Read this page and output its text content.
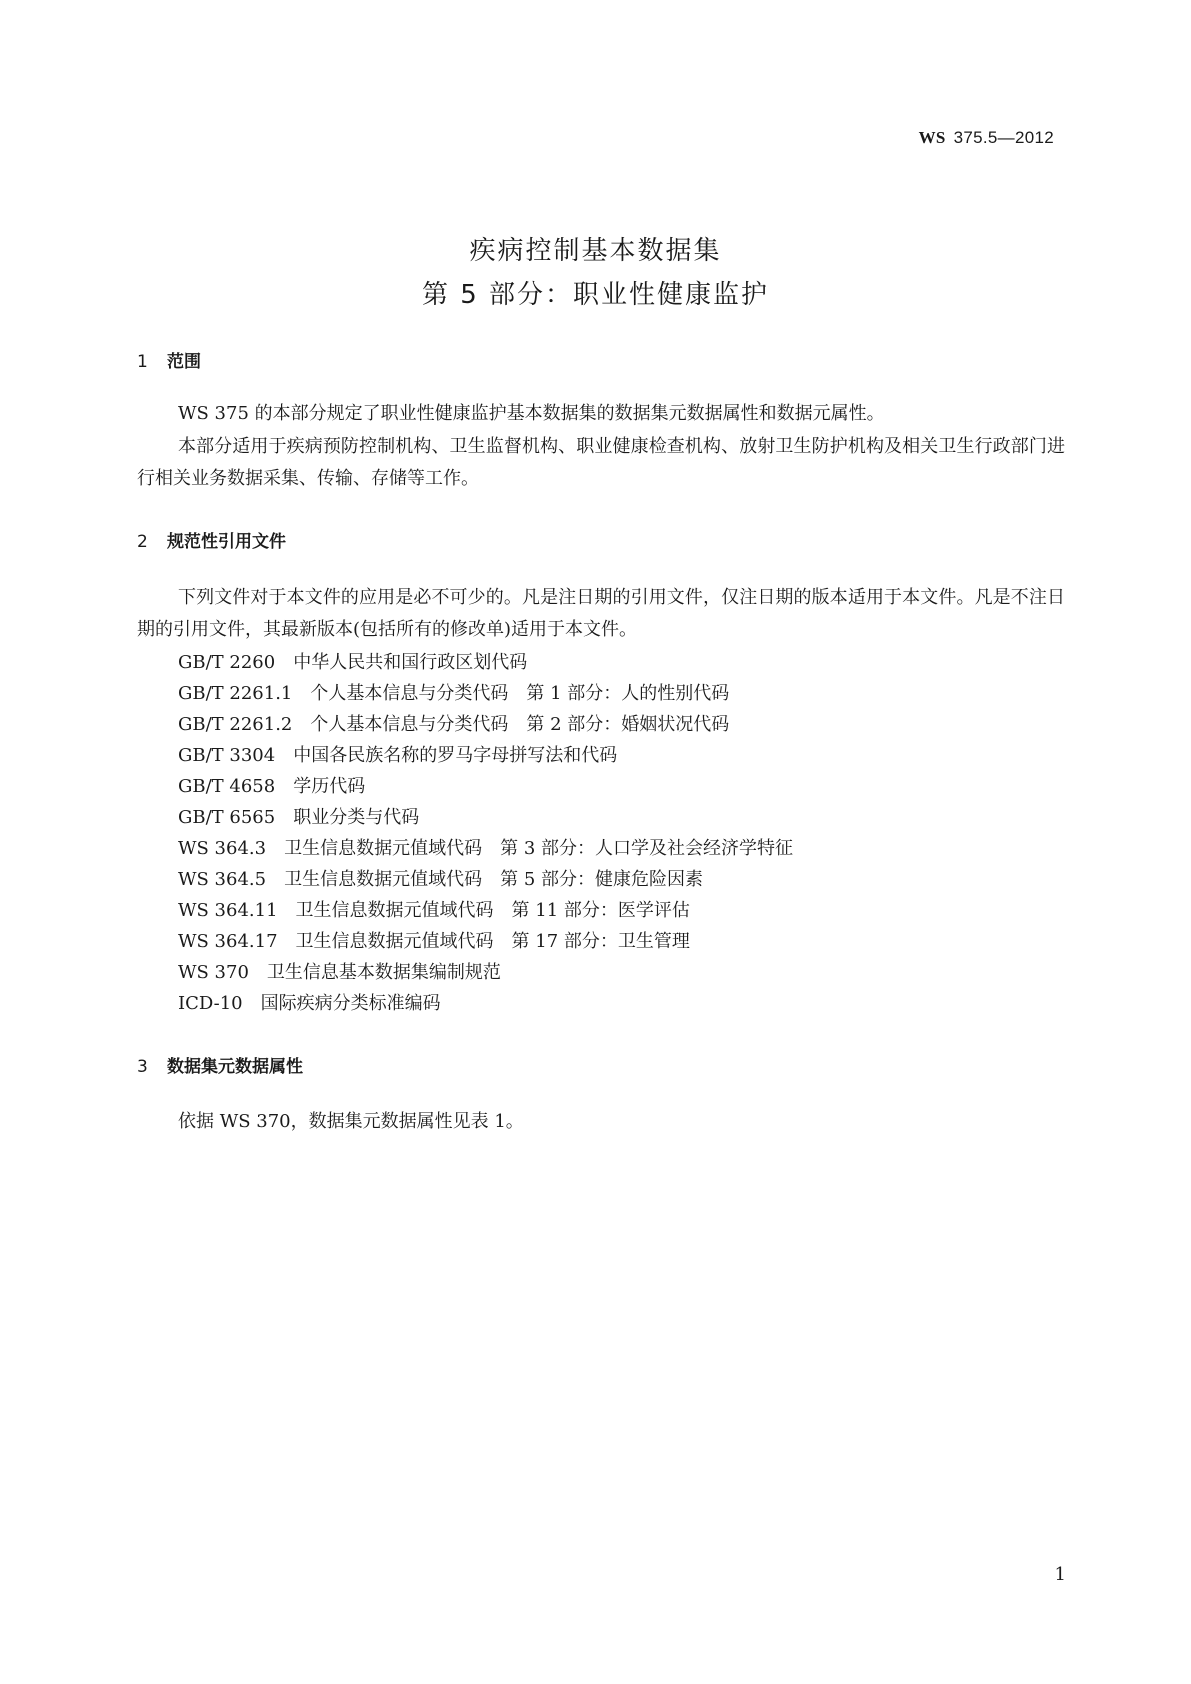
WS 375.5—2012
疾病控制基本数据集
第 5 部分：职业性健康监护
1 范围
WS 375 的本部分规定了职业性健康监护基本数据集的数据集元数据属性和数据元属性。
本部分适用于疾病预防控制机构、卫生监督机构、职业健康检查机构、放射卫生防护机构及相关卫生行政部门进行相关业务数据采集、传输、存储等工作。
2 规范性引用文件
下列文件对于本文件的应用是必不可少的。凡是注日期的引用文件，仅注日期的版本适用于本文件。凡是不注日期的引用文件，其最新版本(包括所有的修改单)适用于本文件。
GB/T 2260 中华人民共和国行政区划代码
GB/T 2261.1 个人基本信息与分类代码　第 1 部分：人的性别代码
GB/T 2261.2 个人基本信息与分类代码　第 2 部分：婚姻状况代码
GB/T 3304 中国各民族名称的罗马字母拼写法和代码
GB/T 4658 学历代码
GB/T 6565 职业分类与代码
WS 364.3 卫生信息数据元值域代码　第 3 部分：人口学及社会经济学特征
WS 364.5 卫生信息数据元值域代码　第 5 部分：健康危险因素
WS 364.11 卫生信息数据元值域代码　第 11 部分：医学评估
WS 364.17 卫生信息数据元值域代码　第 17 部分：卫生管理
WS 370 卫生信息基本数据集编制规范
ICD-10 国际疾病分类标准编码
3 数据集元数据属性
依据 WS 370，数据集元数据属性见表 1。
1
